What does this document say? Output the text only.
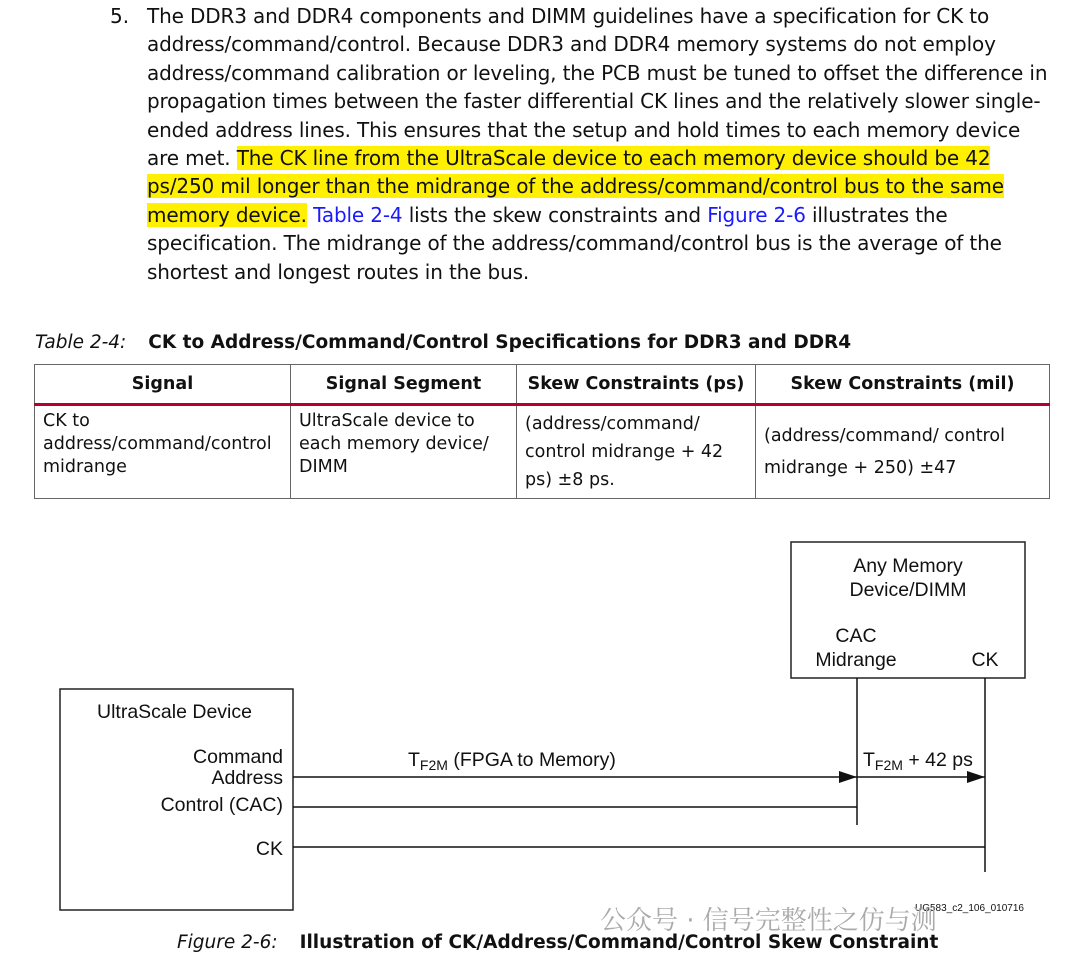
5. The DDR3 and DDR4 components and DIMM guidelines have a specification for CK to address/command/control. Because DDR3 and DDR4 memory systems do not employ address/command calibration or leveling, the PCB must be tuned to offset the difference in propagation times between the faster differential CK lines and the relatively slower single-ended address lines. This ensures that the setup and hold times to each memory device are met. The CK line from the UltraScale device to each memory device should be 42 ps/250 mil longer than the midrange of the address/command/control bus to the same memory device. Table 2-4 lists the skew constraints and Figure 2-6 illustrates the specification. The midrange of the address/command/control bus is the average of the shortest and longest routes in the bus.
Table 2-4: CK to Address/Command/Control Specifications for DDR3 and DDR4
Signal	Signal Segment	Skew Constraints (ps)	Skew Constraints (mil)
CK to address/command/control midrange	UltraScale device to each memory device/ DIMM	(address/command/ control midrange + 42 ps) ±8 ps.	(address/command/ control midrange + 250) ±47
Any Memory
Device/DIMM
CAC
Midrange	CK
UltraScale Device
Command
Address
Control (CAC)
CK
$T_{F2M}$ (FPGA to Memory)	$T_{F2M} + 42$ ps
UG583_c2_106_010716
公众号 · 信号完整性之仿与测
Figure 2-6: Illustration of CK/Address/Command/Control Skew Constraint
